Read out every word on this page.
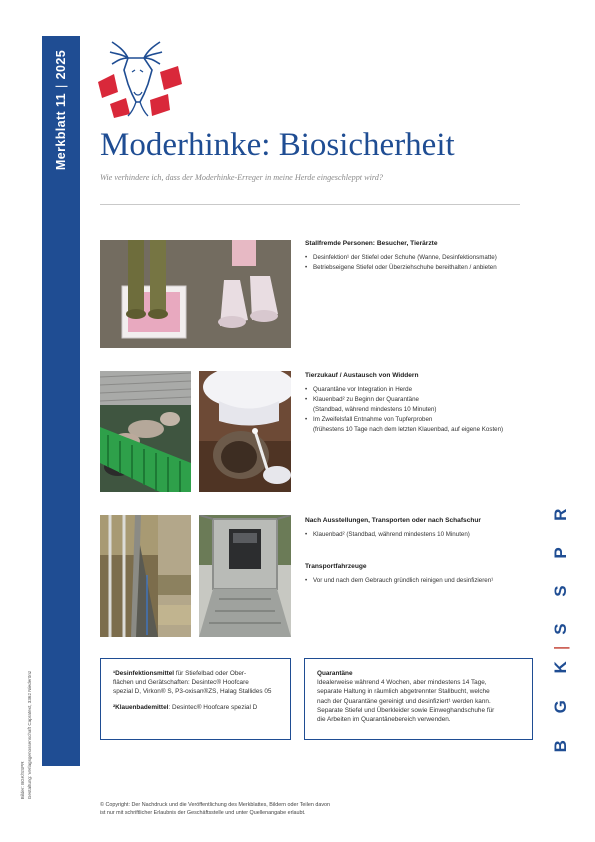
Merkblatt 11|2025
Moderhinke: Biosicherheit
Wie verhindere ich, dass der Moderhinke-Erreger in meine Herde eingeschleppt wird?
Stallfremde Personen: Besucher, Tierärzte
• Desinfektion¹ der Stiefel oder Schuhe (Wanne, Desinfektionsmatte)
• Betriebseigene Stiefel oder Überziehschuhe bereithalten / anbieten
Tierzukauf / Austausch von Widdern
• Quarantäne vor Integration in Herde
• Klauenbad² zu Beginn der Quarantäne
(Standbad, während mindestens 10 Minuten)
• Im Zweifelsfall Entnahme von Tupferproben
(frühestens 10 Tage nach dem letzten Klauenbad, auf eigene Kosten)
Nach Ausstellungen, Transporten oder nach Schafschur
• Klauenbad² (Standbad, während mindestens 10 Minuten)
Transportfahrzeuge
• Vor und nach dem Gebrauch gründlich reinigen und desinfizieren¹

¹Desinfektionsmittel für Stiefelbad oder Ober-

flächen und Gerätschaften: Desintec® Hoofcare

spezial D, Virkon® S, P3-oxisan®ZS, Halag Stallides 05

²Klauenbademittel: Desintec® Hoofcare spezial D

Quarantäne

Idealerweise während 4 Wochen, aber mindestens 14 Tage,

separate Haltung in räumlich abgetrennter Stallbucht, welche

nach der Quarantäne gereinigt und desinfiziert¹ werden kann.

Separate Stiefel und Überkleider sowie Einweghandschuhe für

die Arbeiten im Quarantänebereich verwenden.

© Copyright: Der Nachdruck und die Veröffentlichung des Merkblattes, Bildern oder Teilen davon
ist nur mit schriftlicher Erlaubnis der Geschäftsstelle und unter Quellenangabe erlaubt.
Bilder: BGK/SSPR Gestaltung: Verlagsgenossenschaft Capratext, 3362 Niederönz	B G K|S S P R
